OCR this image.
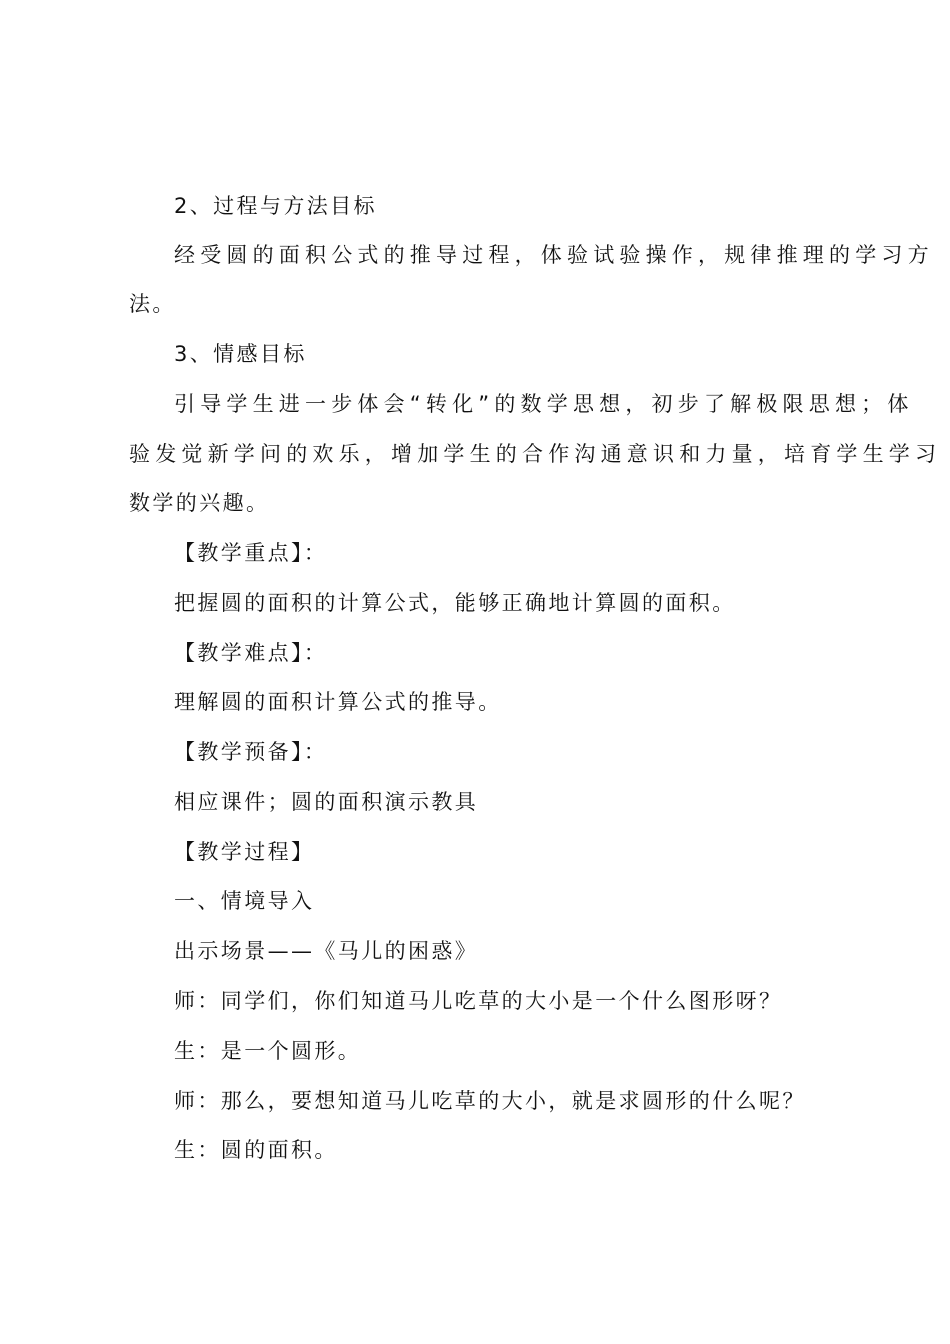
2、过程与方法目标
经受圆的面积公式的推导过程，体验试验操作，规律推理的学习方
法。
3、情感目标
引导学生进一步体会“转化”的数学思想，初步了解极限思想；体
验发觉新学问的欢乐，增加学生的合作沟通意识和力量，培育学生学习
数学的兴趣。
【教学重点】：
把握圆的面积的计算公式，能够正确地计算圆的面积。
【教学难点】：
理解圆的面积计算公式的推导。
【教学预备】：
相应课件；圆的面积演示教具
【教学过程】
一、情境导入
出示场景——《马儿的困惑》
师：同学们，你们知道马儿吃草的大小是一个什么图形呀？
生：是一个圆形。
师：那么，要想知道马儿吃草的大小，就是求圆形的什么呢？
生：圆的面积。
